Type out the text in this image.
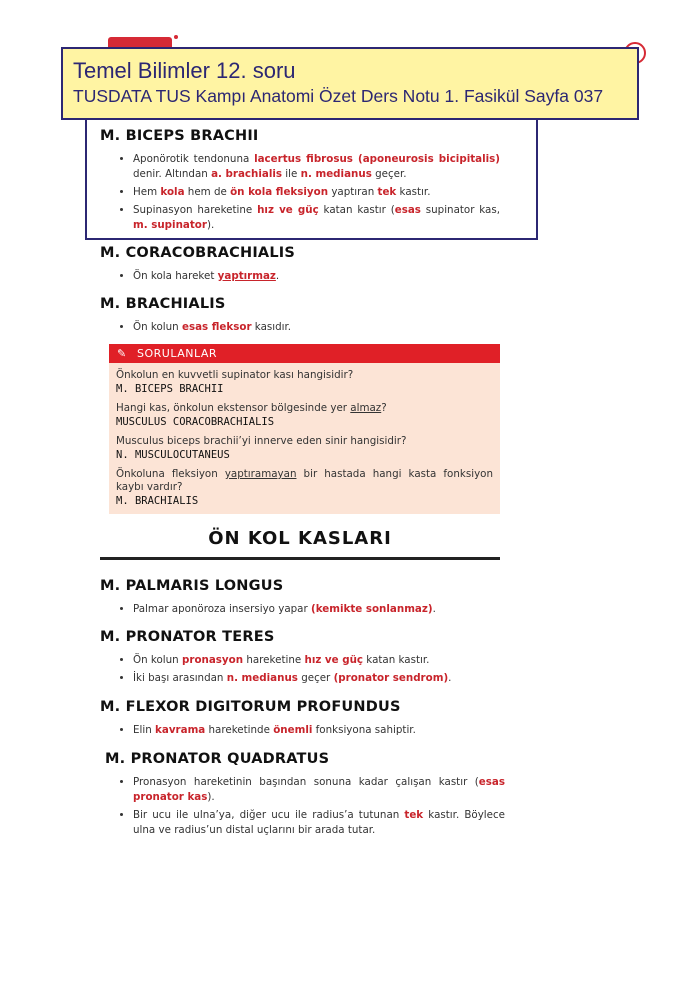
Temel Bilimler 12. soru
TUSDATA TUS Kampı Anatomi Özet Ders Notu 1. Fasikül Sayfa 037
M. BICEPS BRACHII
• Aponörotik tendonuna lacertus fibrosus (aponeurosis bicipitalis) denir. Altından a. brachialis ile n. medianus geçer.
• Hem kola hem de ön kola fleksiyon yaptıran tek kastır.
• Supinasyon hareketine hız ve güç katan kastır (esas supinator kas, m. supinator).
M. CORACOBRACHIALIS
• Ön kola hareket yaptırmaz.
M. BRACHIALIS
• Ön kolun esas fleksor kasıdır.
✎ SORULANLAR
Önkolun en kuvvetli supinator kası hangisidir?
M. BICEPS BRACHII
Hangi kas, önkolun ekstensor bölgesinde yer almaz?
MUSCULUS CORACOBRACHIALIS
Musculus biceps brachii’yi innerve eden sinir hangisidir?
N. MUSCULOCUTANEUS
Önkoluna fleksiyon yaptıramayan bir hastada hangi kasta fonksiyon kaybı vardır?
M. BRACHIALIS
ÖN KOL KASLARI
M. PALMARIS LONGUS
• Palmar aponöroza insersiyo yapar (kemikte sonlanmaz).
M. PRONATOR TERES
• Ön kolun pronasyon hareketine hız ve güç katan kastır.
• İki başı arasından n. medianus geçer (pronator sendrom).
M. FLEXOR DIGITORUM PROFUNDUS
• Elin kavrama hareketinde önemli fonksiyona sahiptir.
M. PRONATOR QUADRATUS
• Pronasyon hareketinin başından sonuna kadar çalışan kastır (esas pronator kas).
• Bir ucu ile ulna’ya, diğer ucu ile radius’a tutunan tek kastır. Böylece ulna ve radius’un distal uçlarını bir arada tutar.
